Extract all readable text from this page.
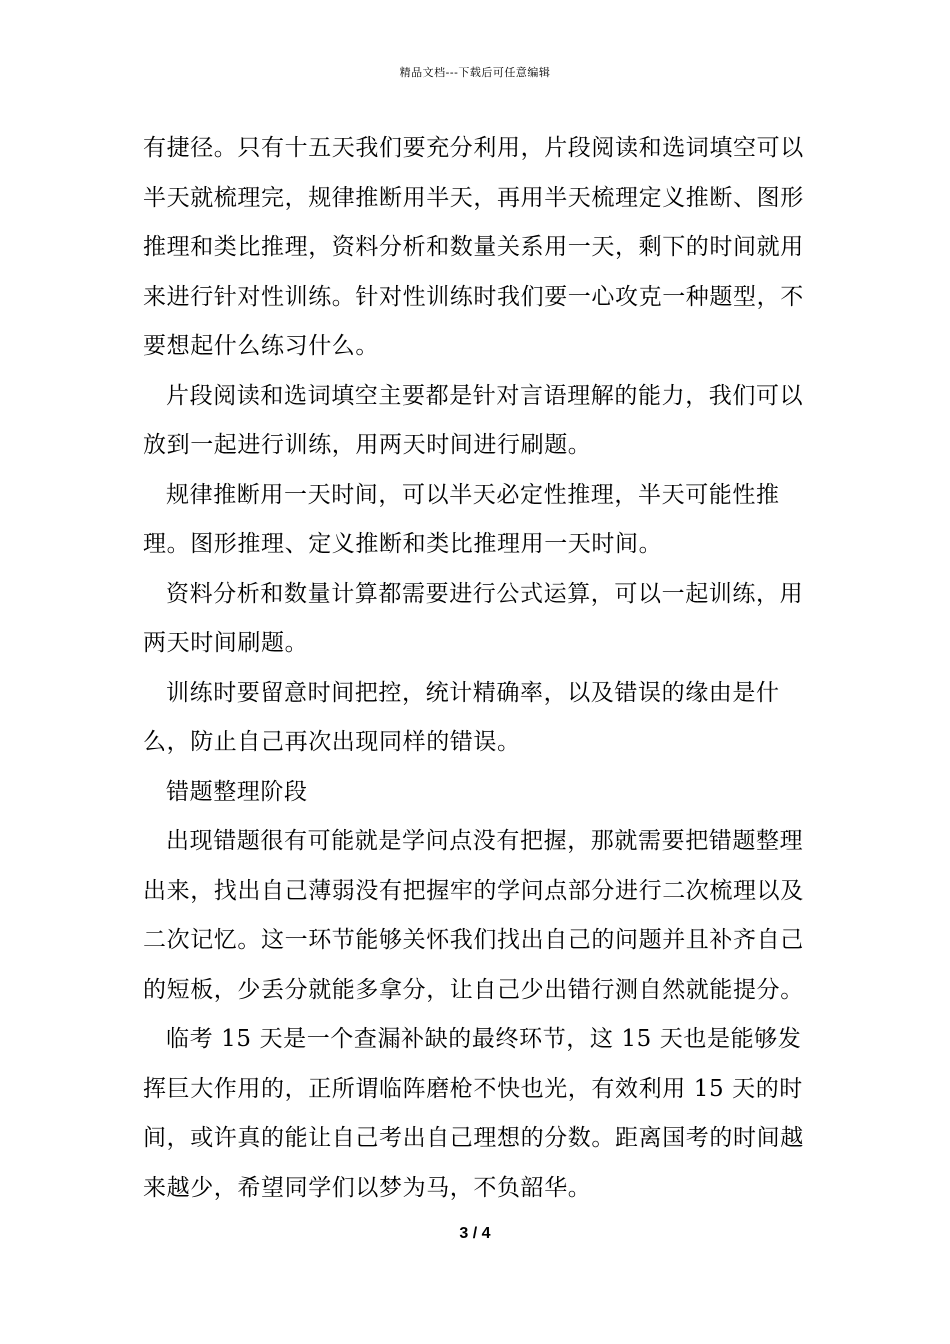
精品文档---下载后可任意编辑

有捷径。只有十五天我们要充分利用，片段阅读和选词填空可以半天就梳理完，规律推断用半天，再用半天梳理定义推断、图形推理和类比推理，资料分析和数量关系用一天，剩下的时间就用来进行针对性训练。针对性训练时我们要一心攻克一种题型，不要想起什么练习什么。

片段阅读和选词填空主要都是针对言语理解的能力，我们可以放到一起进行训练，用两天时间进行刷题。

规律推断用一天时间，可以半天必定性推理，半天可能性推理。图形推理、定义推断和类比推理用一天时间。

资料分析和数量计算都需要进行公式运算，可以一起训练，用两天时间刷题。

训练时要留意时间把控，统计精确率，以及错误的缘由是什么，防止自己再次出现同样的错误。

错题整理阶段

出现错题很有可能就是学问点没有把握，那就需要把错题整理出来，找出自己薄弱没有把握牢的学问点部分进行二次梳理以及二次记忆。这一环节能够关怀我们找出自己的问题并且补齐自己的短板，少丢分就能多拿分，让自己少出错行测自然就能提分。

临考 15 天是一个查漏补缺的最终环节，这 15 天也是能够发挥巨大作用的，正所谓临阵磨枪不快也光，有效利用 15 天的时间，或许真的能让自己考出自己理想的分数。距离国考的时间越来越少，希望同学们以梦为马，不负韶华。

3 / 4
